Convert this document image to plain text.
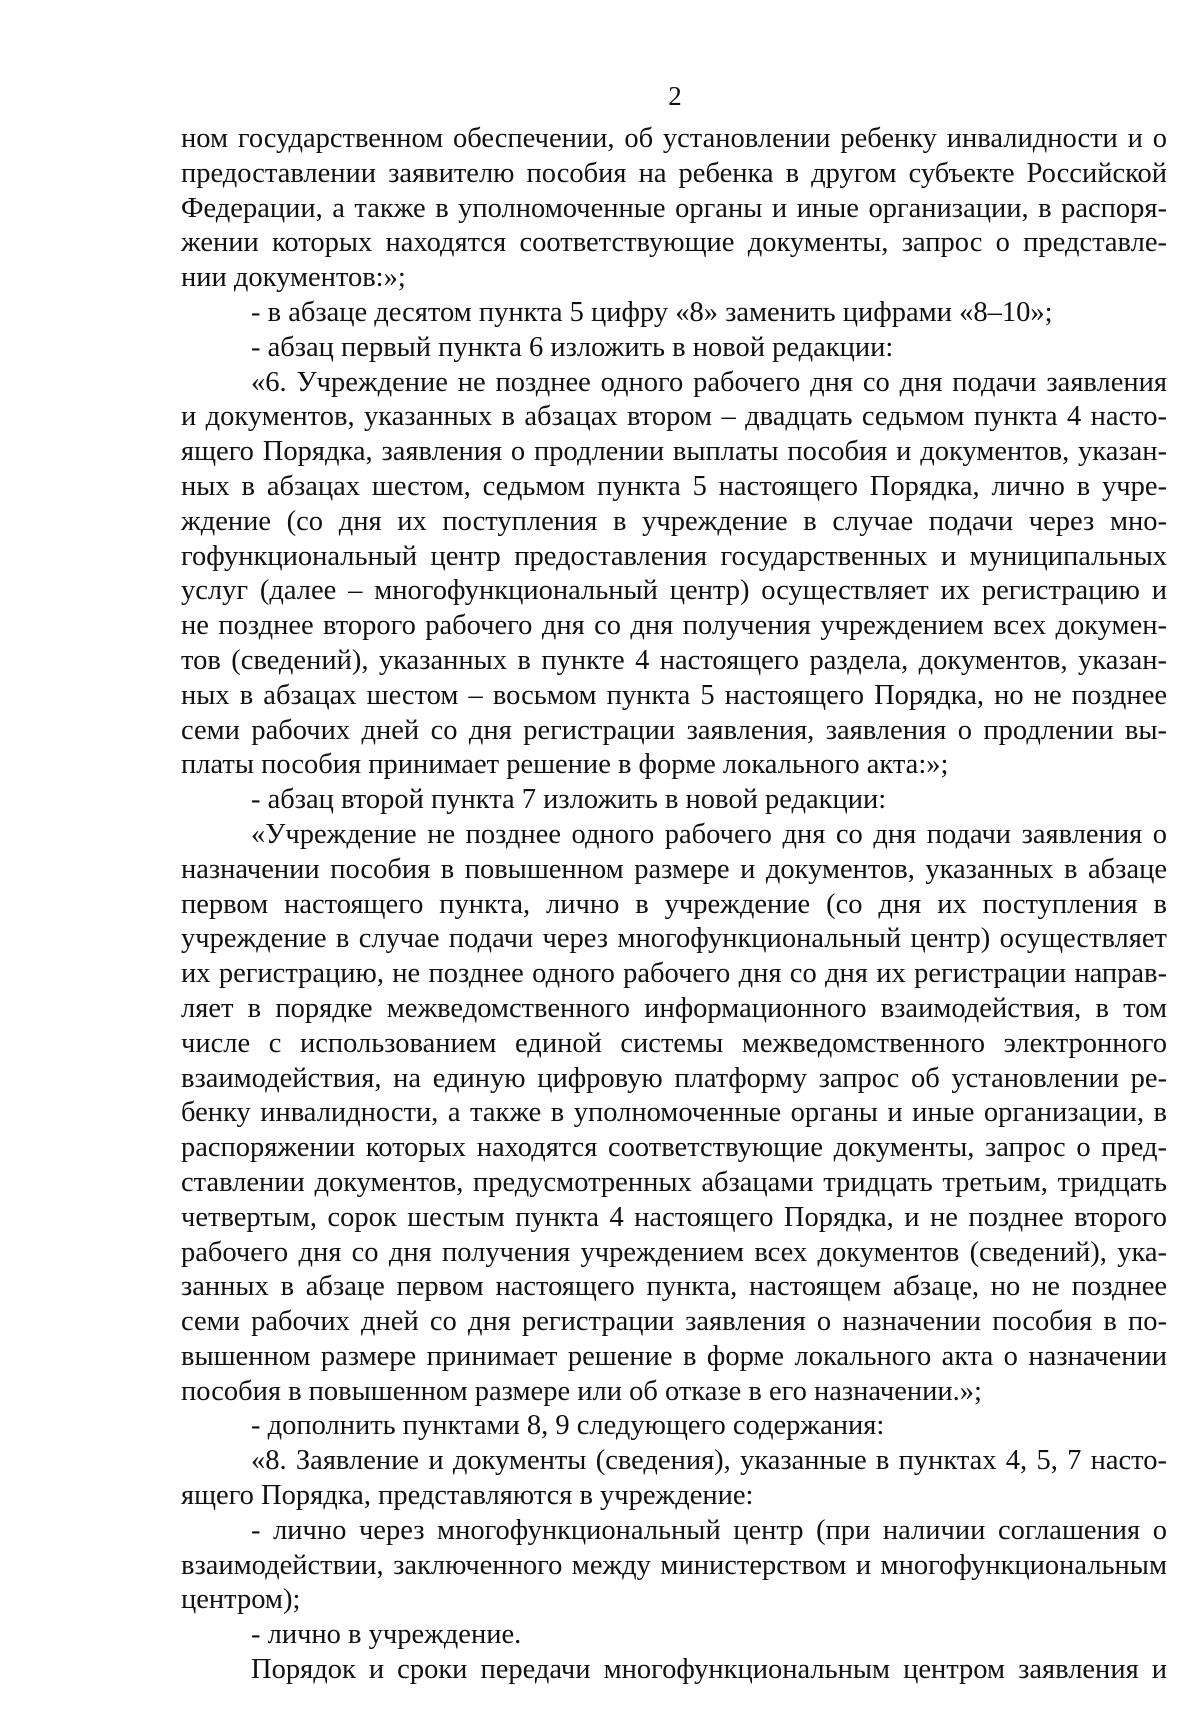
2

ном государственном обеспечении, об установлении ребенку инвалидности и о

предоставлении заявителю пособия на ребенка в другом субъекте Российской

Федерации, а также в уполномоченные органы и иные организации, в распоря-

жении которых находятся соответствующие документы, запрос о представле-

нии документов:»;

- в абзаце десятом пункта 5 цифру «8» заменить цифрами «8–10»;

- абзац первый пункта 6 изложить в новой редакции:

«6. Учреждение не позднее одного рабочего дня со дня подачи заявления

и документов, указанных в абзацах втором – двадцать седьмом пункта 4 насто-

ящего Порядка, заявления о продлении выплаты пособия и документов, указан-

ных в абзацах шестом, седьмом пункта 5 настоящего Порядка, лично в учре-

ждение (со дня их поступления в учреждение в случае подачи через мно-

гофункциональный центр предоставления государственных и муниципальных

услуг (далее – многофункциональный центр) осуществляет их регистрацию и

не позднее второго рабочего дня со дня получения учреждением всех докумен-

тов (сведений), указанных в пункте 4 настоящего раздела, документов, указан-

ных в абзацах шестом – восьмом пункта 5 настоящего Порядка, но не позднее

семи рабочих дней со дня регистрации заявления, заявления о продлении вы-

платы пособия принимает решение в форме локального акта:»;

- абзац второй пункта 7 изложить в новой редакции:

«Учреждение не позднее одного рабочего дня со дня подачи заявления о

назначении пособия в повышенном размере и документов, указанных в абзаце

первом настоящего пункта, лично в учреждение (со дня их поступления в

учреждение в случае подачи через многофункциональный центр) осуществляет

их регистрацию, не позднее одного рабочего дня со дня их регистрации направ-

ляет в порядке межведомственного информационного взаимодействия, в том

числе с использованием единой системы межведомственного электронного

взаимодействия, на единую цифровую платформу запрос об установлении ре-

бенку инвалидности, а также в уполномоченные органы и иные организации, в

распоряжении которых находятся соответствующие документы, запрос о пред-

ставлении документов, предусмотренных абзацами тридцать третьим, тридцать

четвертым, сорок шестым пункта 4 настоящего Порядка, и не позднее второго

рабочего дня со дня получения учреждением всех документов (сведений), ука-

занных в абзаце первом настоящего пункта, настоящем абзаце, но не позднее

семи рабочих дней со дня регистрации заявления о назначении пособия в по-

вышенном размере принимает решение в форме локального акта о назначении

пособия в повышенном размере или об отказе в его назначении.»;

- дополнить пунктами 8, 9 следующего содержания:

«8. Заявление и документы (сведения), указанные в пунктах 4, 5, 7 насто-

ящего Порядка, представляются в учреждение:

- лично через многофункциональный центр (при наличии соглашения о

взаимодействии, заключенного между министерством и многофункциональным

центром);

- лично в учреждение.

Порядок и сроки передачи многофункциональным центром заявления и
